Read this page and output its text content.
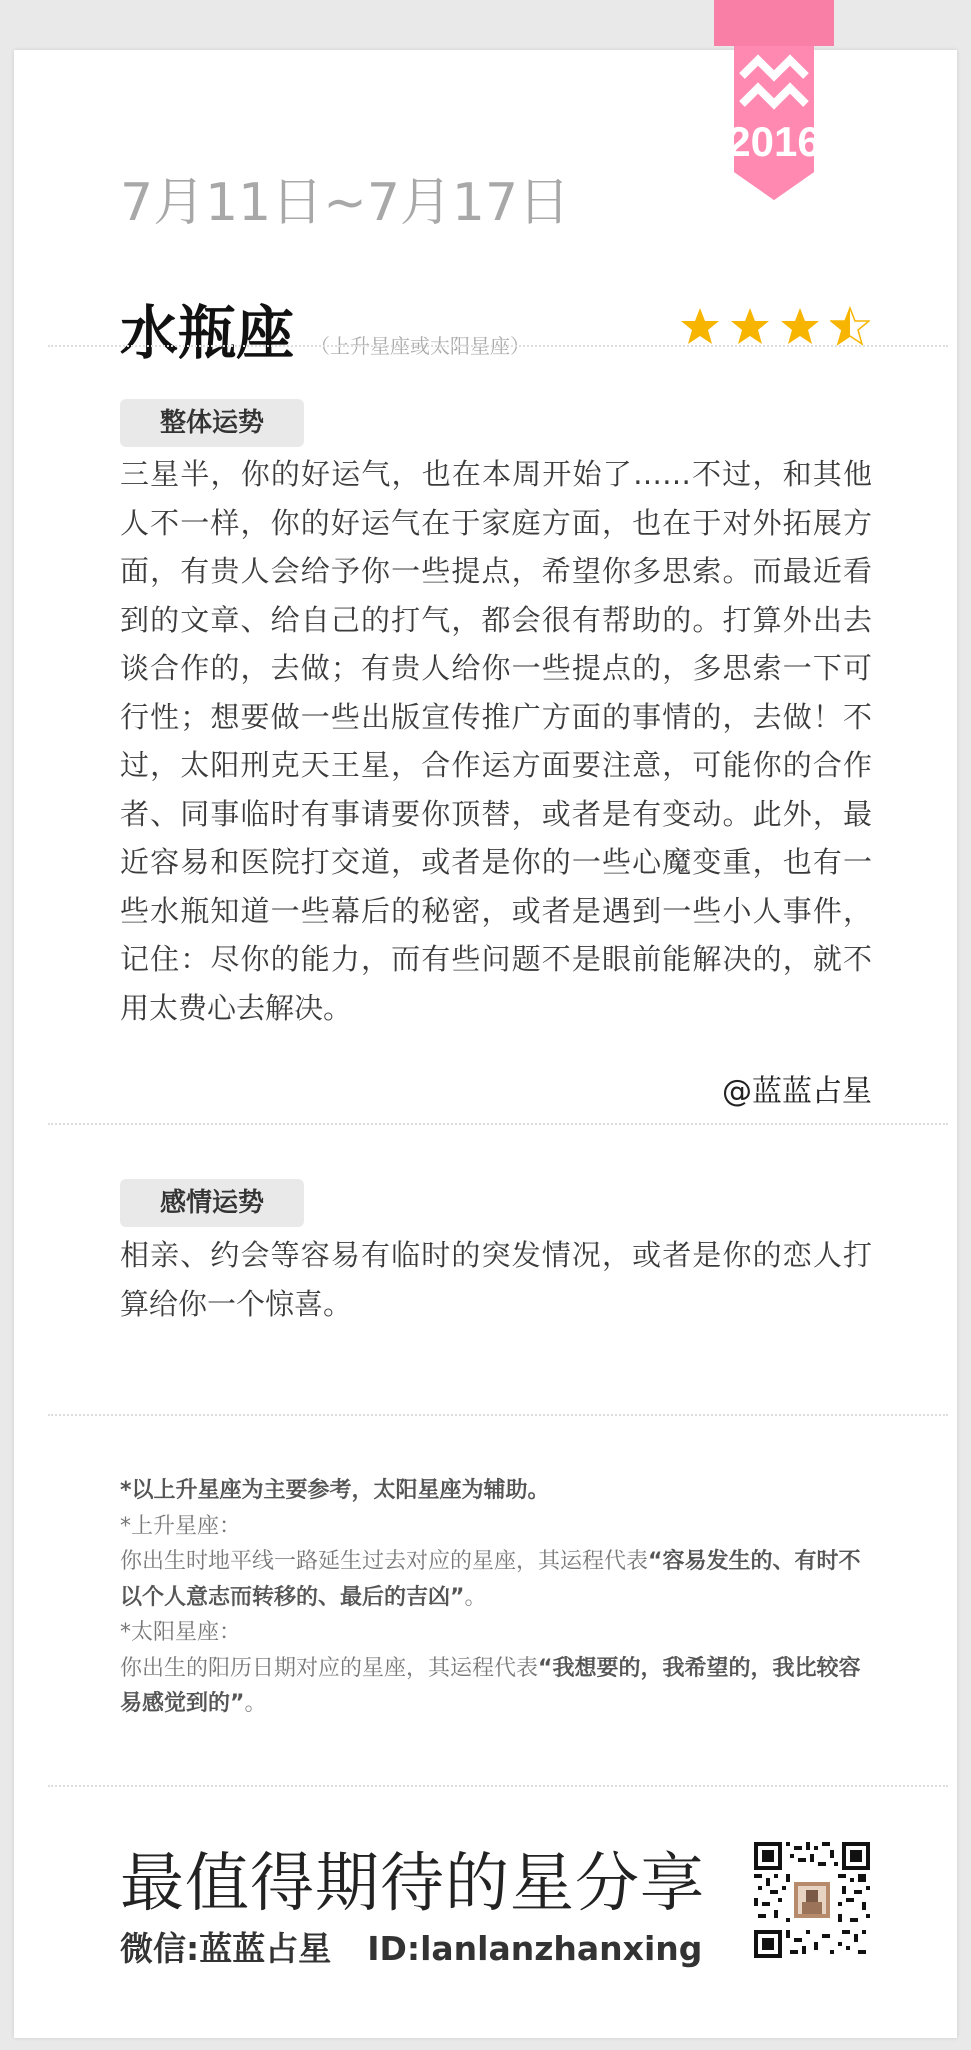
2016
7月11日~7月17日
水瓶座 （上升星座或太阳星座）
整体运势

三星半，你的好运气，也在本周开始了……不过，和其他人不一样，你的好运气在于家庭方面，也在于对外拓展方面，有贵人会给予你一些提点，希望你多思索。而最近看到的文章、给自己的打气，都会很有帮助的。打算外出去谈合作的，去做；有贵人给你一些提点的，多思索一下可行性；想要做一些出版宣传推广方面的事情的，去做！不过，太阳刑克天王星，合作运方面要注意，可能你的合作者、同事临时有事请要你顶替，或者是有变动。此外，最近容易和医院打交道，或者是你的一些心魔变重，也有一些水瓶知道一些幕后的秘密，或者是遇到一些小人事件，记住：尽你的能力，而有些问题不是眼前能解决的，就不用太费心去解决。

@蓝蓝占星
感情运势

相亲、约会等容易有临时的突发情况，或者是你的恋人打算给你一个惊喜。

*以上升星座为主要参考，太阳星座为辅助。
*上升星座：
你出生时地平线一路延生过去对应的星座，其运程代表“容易发生的、有时不以个人意志而转移的、最后的吉凶”。
*太阳星座：
你出生的阳历日期对应的星座，其运程代表“我想要的，我希望的，我比较容易感觉到的”。
最值得期待的星分享
微信:蓝蓝占星 ID:lanlanzhanxing
